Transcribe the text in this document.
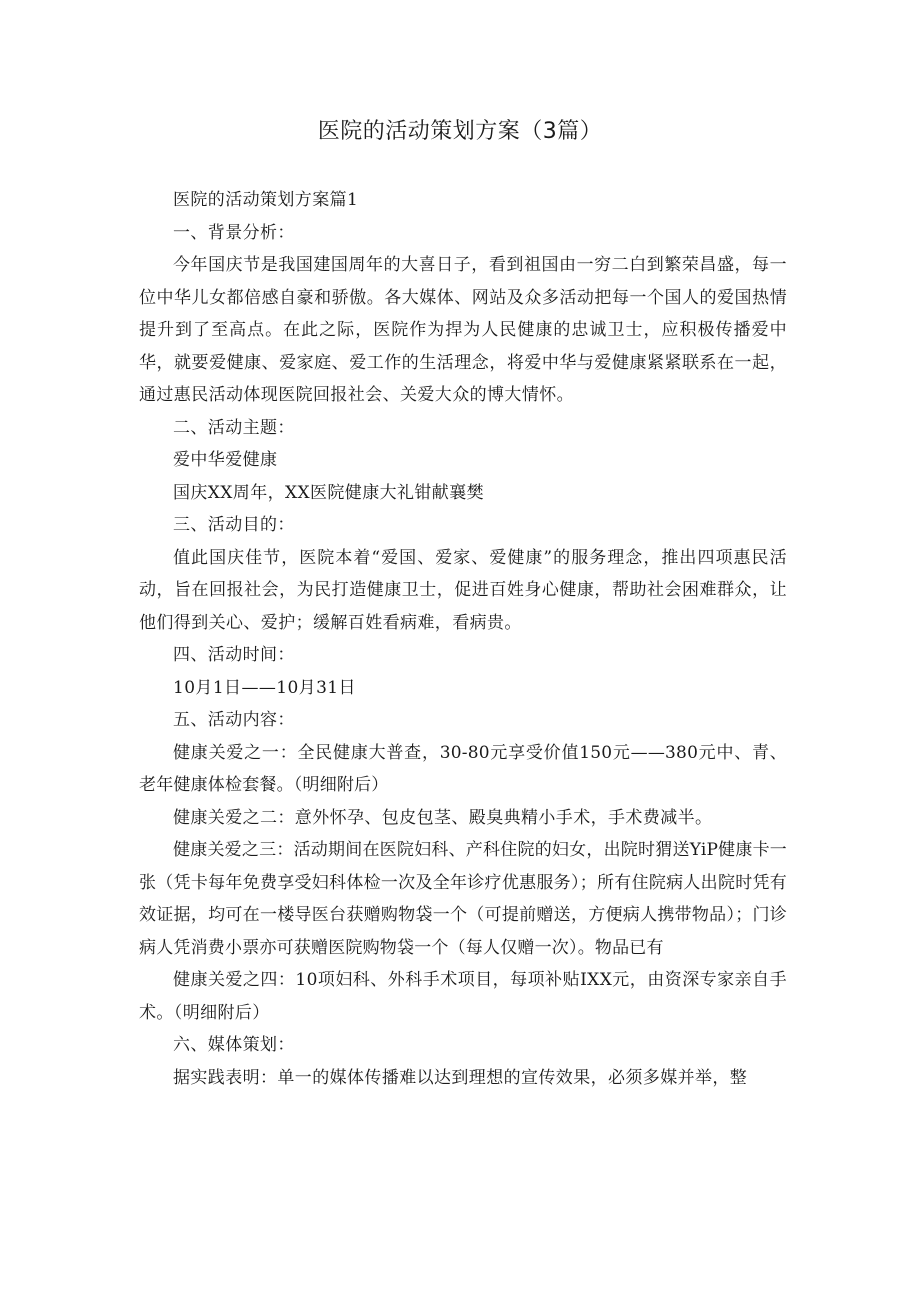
医院的活动策划方案（3篇）

医院的活动策划方案篇1

一、背景分析：

今年国庆节是我国建国周年的大喜日子，看到祖国由一穷二白到繁荣昌盛，每一位中华儿女都倍感自豪和骄傲。各大媒体、网站及众多活动把每一个国人的爱国热情提升到了至高点。在此之际，医院作为捍为人民健康的忠诚卫士，应积极传播爱中华，就要爱健康、爱家庭、爱工作的生活理念，将爱中华与爱健康紧紧联系在一起，通过惠民活动体现医院回报社会、关爱大众的博大情怀。

二、活动主题：

爱中华爱健康

国庆XX周年，XX医院健康大礼钳献襄樊

三、活动目的：

值此国庆佳节，医院本着“爱国、爱家、爱健康”的服务理念，推出四项惠民活动，旨在回报社会，为民打造健康卫士，促进百姓身心健康，帮助社会困难群众，让他们得到关心、爱护；缓解百姓看病难，看病贵。

四、活动时间：

10月1日——10月31日

五、活动内容：

健康关爱之一：全民健康大普查，30-80元享受价值150元——380元中、青、老年健康体检套餐。（明细附后）

健康关爱之二：意外怀孕、包皮包茎、殿臭典精小手术，手术费减半。

健康关爱之三：活动期间在医院妇科、产科住院的妇女，出院时猬送YiP健康卡一张（凭卡每年免费享受妇科体检一次及全年诊疗优惠服务）；所有住院病人出院时凭有效证据，均可在一楼导医台获赠购物袋一个（可提前赠送，方便病人携带物品）；门诊病人凭消费小票亦可获赠医院购物袋一个（每人仅赠一次）。物品已有

健康关爱之四：10项妇科、外科手术项目，每项补贴IXX元，由资深专家亲自手术。（明细附后）

六、媒体策划：

据实践表明：单一的媒体传播难以达到理想的宣传效果，必须多媒并举，整
